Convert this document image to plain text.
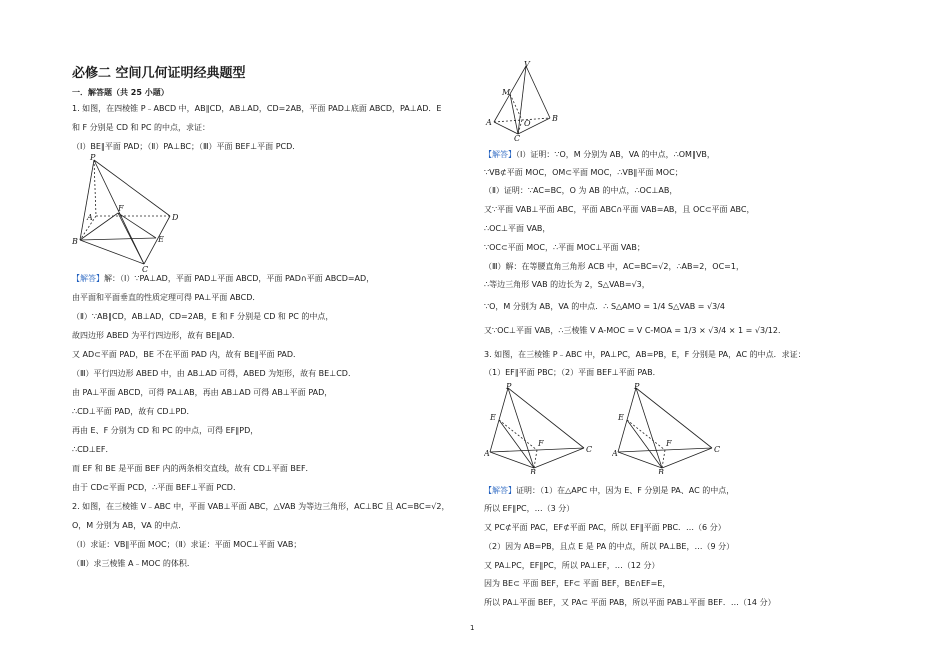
必修二 空间几何证明经典题型
一．解答题（共 25 小题）
1. 如图，在四棱锥 P﹣ABCD 中，AB∥CD，AB⊥AD，CD=2AB，平面 PAD⊥底面 ABCD，PA⊥AD．E
和 F 分别是 CD 和 PC 的中点，求证：
（Ⅰ）BE∥平面 PAD；（Ⅱ）PA⊥BC；（Ⅲ）平面 BEF⊥平面 PCD．
P
A
F
D
B	E
C
【解答】解：（Ⅰ）∵PA⊥AD，平面 PAD⊥平面 ABCD，平面 PAD∩平面 ABCD=AD，
由平面和平面垂直的性质定理可得 PA⊥平面 ABCD．
（Ⅱ）∵AB∥CD，AB⊥AD，CD=2AB，E 和 F 分别是 CD 和 PC 的中点，
故四边形 ABED 为平行四边形，故有 BE∥AD．
又 AD⊂平面 PAD，BE 不在平面 PAD 内，故有 BE∥平面 PAD．
（Ⅲ）平行四边形 ABED 中，由 AB⊥AD 可得，ABED 为矩形，故有 BE⊥CD．
由 PA⊥平面 ABCD，可得 PA⊥AB，再由 AB⊥AD 可得 AB⊥平面 PAD，
∴CD⊥平面 PAD，故有 CD⊥PD．
再由 E、F 分别为 CD 和 PC 的中点，可得 EF∥PD，
∴CD⊥EF．
而 EF 和 BE 是平面 BEF 内的两条相交直线，故有 CD⊥平面 BEF．
由于 CD⊂平面 PCD，∴平面 BEF⊥平面 PCD．
2. 如图，在三棱锥 V﹣ABC 中，平面 VAB⊥平面 ABC，△VAB 为等边三角形，AC⊥BC 且 AC=BC=√2，
O，M 分别为 AB，VA 的中点．
（Ⅰ）求证：VB∥平面 MOC；（Ⅱ）求证：平面 MOC⊥平面 VAB；
（Ⅲ）求三棱锥 A﹣MOC 的体积．
V
M
A	O
B
C
【解答】（Ⅰ）证明：∵O，M 分别为 AB，VA 的中点，∴OM∥VB，
∵VB⊄平面 MOC，OM⊂平面 MOC，∴VB∥平面 MOC；
（Ⅱ）证明：∵AC=BC，O 为 AB 的中点，∴OC⊥AB，
又∵平面 VAB⊥平面 ABC，平面 ABC∩平面 VAB=AB，且 OC⊂平面 ABC，
∴OC⊥平面 VAB，
∵OC⊂平面 MOC，∴平面 MOC⊥平面 VAB；
（Ⅲ）解：在等腰直角三角形 ACB 中，AC=BC=√2，∴AB=2，OC=1，
∴等边三角形 VAB 的边长为 2，S△VAB=√3，
∵O，M 分别为 AB，VA 的中点．∴ S△AMO = 1/4 S△VAB = √3/4
又∵OC⊥平面 VAB，∴三棱锥 V A-MOC = V C-MOA = 1/3 × √3/4 × 1 = √3/12．
3. 如图，在三棱锥 P﹣ABC 中，PA⊥PC，AB=PB，E，F 分别是 PA，AC 的中点．求证：
（1）EF∥平面 PBC；（2）平面 BEF⊥平面 PAB．
P
E
F
A	C
B
P
E
F
A	C
B
【解答】证明：（1）在△APC 中，因为 E、F 分别是 PA、AC 的中点，
所以 EF∥PC，…（3 分）
又 PC⊄平面 PAC，EF⊄平面 PAC，所以 EF∥平面 PBC．…（6 分）
（2）因为 AB=PB，且点 E 是 PA 的中点，所以 PA⊥BE，…（9 分）
又 PA⊥PC，EF∥PC，所以 PA⊥EF，…（12 分）
因为 BE⊂ 平面 BEF，EF⊂ 平面 BEF，BE∩EF=E，
所以 PA⊥平面 BEF，又 PA⊂ 平面 PAB，所以平面 PAB⊥平面 BEF．…（14 分）
1
